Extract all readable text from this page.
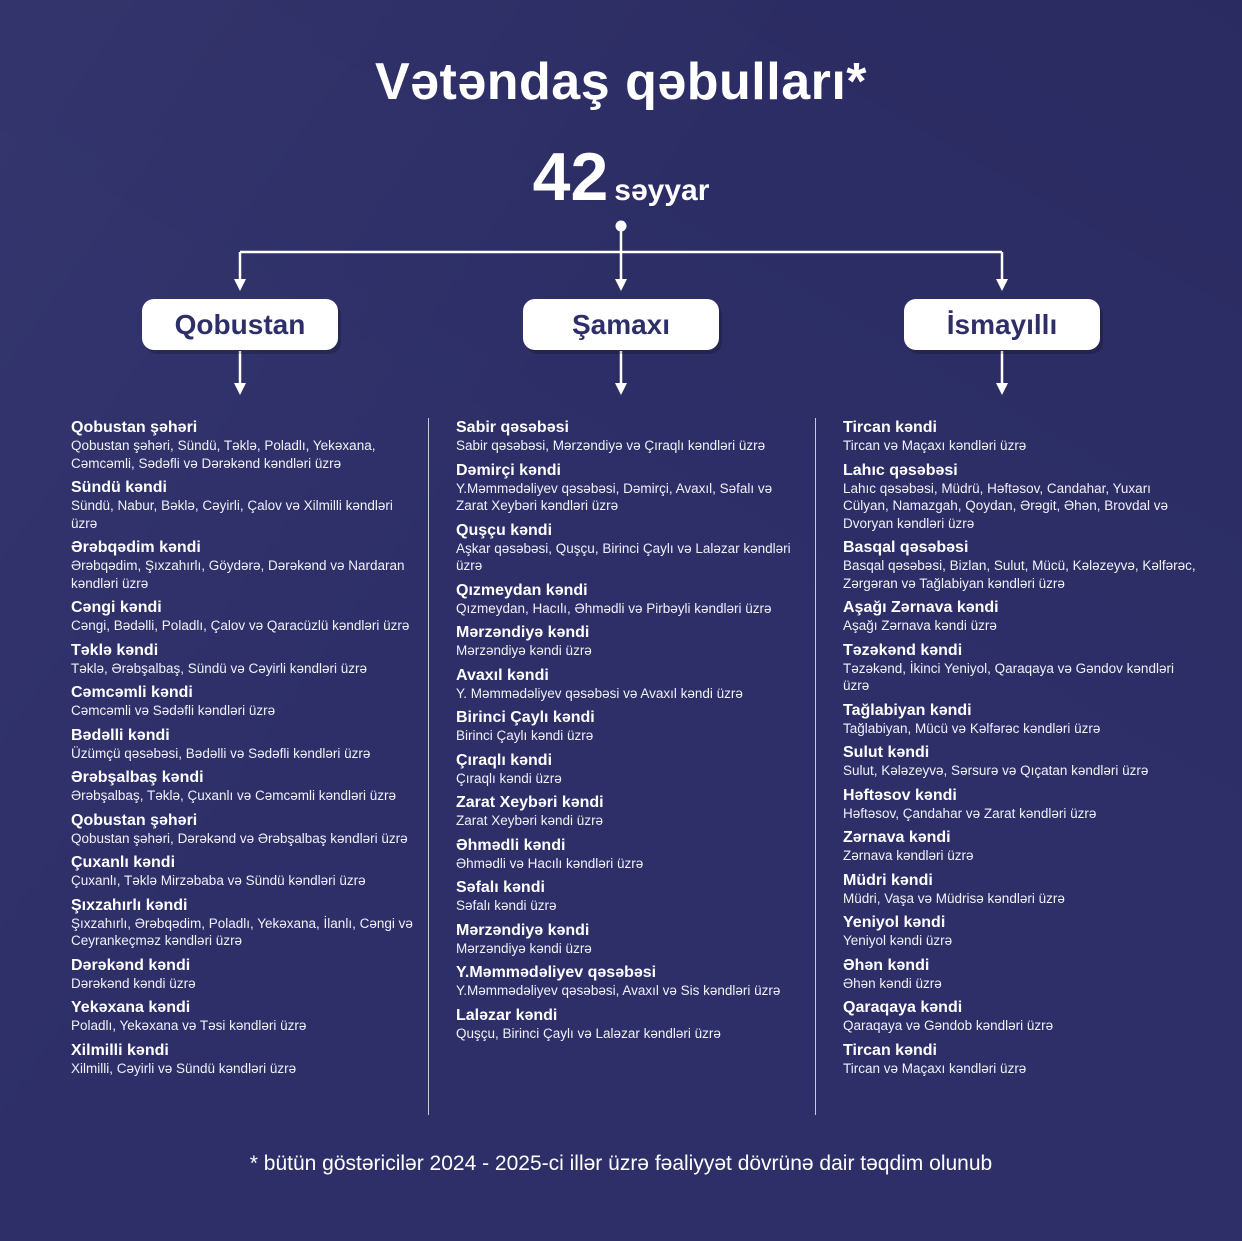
Vətəndaş qəbulları*
42 səyyar
Qobustan	Şamaxı	İsmayıllı
Qobustan şəhəri
Qobustan şəhəri, Sündü, Təklə, Poladlı, Yekəxana, Cəmcəmli, Sədəfli və Dərəkənd kəndləri üzrə
Sündü kəndi
Sündü, Nabur, Bəklə, Cəyirli, Çalov və Xilmilli kəndləri üzrə
Ərəbqədim kəndi
Ərəbqədim, Şıxzahırlı, Göydərə, Dərəkənd və Nardaran kəndləri üzrə
Cəngi kəndi
Cəngi, Bədəlli, Poladlı, Çalov və Qaracüzlü kəndləri üzrə
Təklə kəndi
Təklə, Ərəbşalbaş, Sündü və Cəyirli kəndləri üzrə
Cəmcəmli kəndi
Cəmcəmli və Sədəfli kəndləri üzrə
Bədəlli kəndi
Üzümçü qəsəbəsi, Bədəlli və Sədəfli kəndləri üzrə
Ərəbşalbaş kəndi
Ərəbşalbaş, Təklə, Çuxanlı və Cəmcəmli kəndləri üzrə
Qobustan şəhəri
Qobustan şəhəri, Dərəkənd və Ərəbşalbaş kəndləri üzrə
Çuxanlı kəndi
Çuxanlı, Təklə Mirzəbaba və Sündü kəndləri üzrə
Şıxzahırlı kəndi
Şıxzahırlı, Ərəbqədim, Poladlı, Yekəxana, İlanlı, Cəngi və Ceyrankeçməz kəndləri üzrə
Dərəkənd kəndi
Dərəkənd kəndi üzrə
Yekəxana kəndi
Poladlı, Yekəxana və Təsi kəndləri üzrə
Xilmilli kəndi
Xilmilli, Cəyirli və Sündü kəndləri üzrə
Sabir qəsəbəsi
Sabir qəsəbəsi, Mərzəndiyə və Çıraqlı kəndləri üzrə
Dəmirçi kəndi
Y.Məmmədəliyev qəsəbəsi, Dəmirçi, Avaxıl, Səfalı və Zarat Xeybəri kəndləri üzrə
Quşçu kəndi
Aşkar qəsəbəsi, Quşçu, Birinci Çaylı və Laləzar kəndləri üzrə
Qızmeydan kəndi
Qızmeydan, Hacılı, Əhmədli və Pirbəyli kəndləri üzrə
Mərzəndiyə kəndi
Mərzəndiyə kəndi üzrə
Avaxıl kəndi
Y. Məmmədəliyev qəsəbəsi və Avaxıl kəndi üzrə
Birinci Çaylı kəndi
Birinci Çaylı kəndi üzrə
Çıraqlı kəndi
Çıraqlı kəndi üzrə
Zarat Xeybəri kəndi
Zarat Xeybəri kəndi üzrə
Əhmədli kəndi
Əhmədli və Hacılı kəndləri üzrə
Səfalı kəndi
Səfalı kəndi üzrə
Mərzəndiyə kəndi
Mərzəndiyə kəndi üzrə
Y.Məmmədəliyev qəsəbəsi
Y.Məmmədəliyev qəsəbəsi, Avaxıl və Sis kəndləri üzrə
Laləzar kəndi
Quşçu, Birinci Çaylı və Laləzar kəndləri üzrə
Tircan kəndi
Tircan və Maçaxı kəndləri üzrə
Lahıc qəsəbəsi
Lahıc qəsəbəsi, Müdrü, Həftəsov, Candahar, Yuxarı Cülyan, Namazgah, Qoydan, Ərəgit, Əhən, Brovdal və Dvoryan kəndləri üzrə
Basqal qəsəbəsi
Basqal qəsəbəsi, Bizlan, Sulut, Mücü, Kələzeyvə, Kəlfərəc, Zərgəran və Tağlabiyan kəndləri üzrə
Aşağı Zərnava kəndi
Aşağı Zərnava kəndi üzrə
Təzəkənd kəndi
Təzəkənd, İkinci Yeniyol, Qaraqaya və Gəndov kəndləri üzrə
Tağlabiyan kəndi
Tağlabiyan, Mücü və Kəlfərəc kəndləri üzrə
Sulut kəndi
Sulut, Kələzeyvə, Sərsurə və Qıçatan kəndləri üzrə
Həftəsov kəndi
Həftəsov, Çandahar və Zarat kəndləri üzrə
Zərnava kəndi
Zərnava kəndləri üzrə
Müdri kəndi
Müdri, Vaşa və Müdrisə kəndləri üzrə
Yeniyol kəndi
Yeniyol kəndi üzrə
Əhən kəndi
Əhən kəndi üzrə
Qaraqaya kəndi
Qaraqaya və Gəndob kəndləri üzrə
Tircan kəndi
Tircan və Maçaxı kəndləri üzrə
* bütün göstəricilər 2024 - 2025-ci illər üzrə fəaliyyət dövrünə dair təqdim olunub
